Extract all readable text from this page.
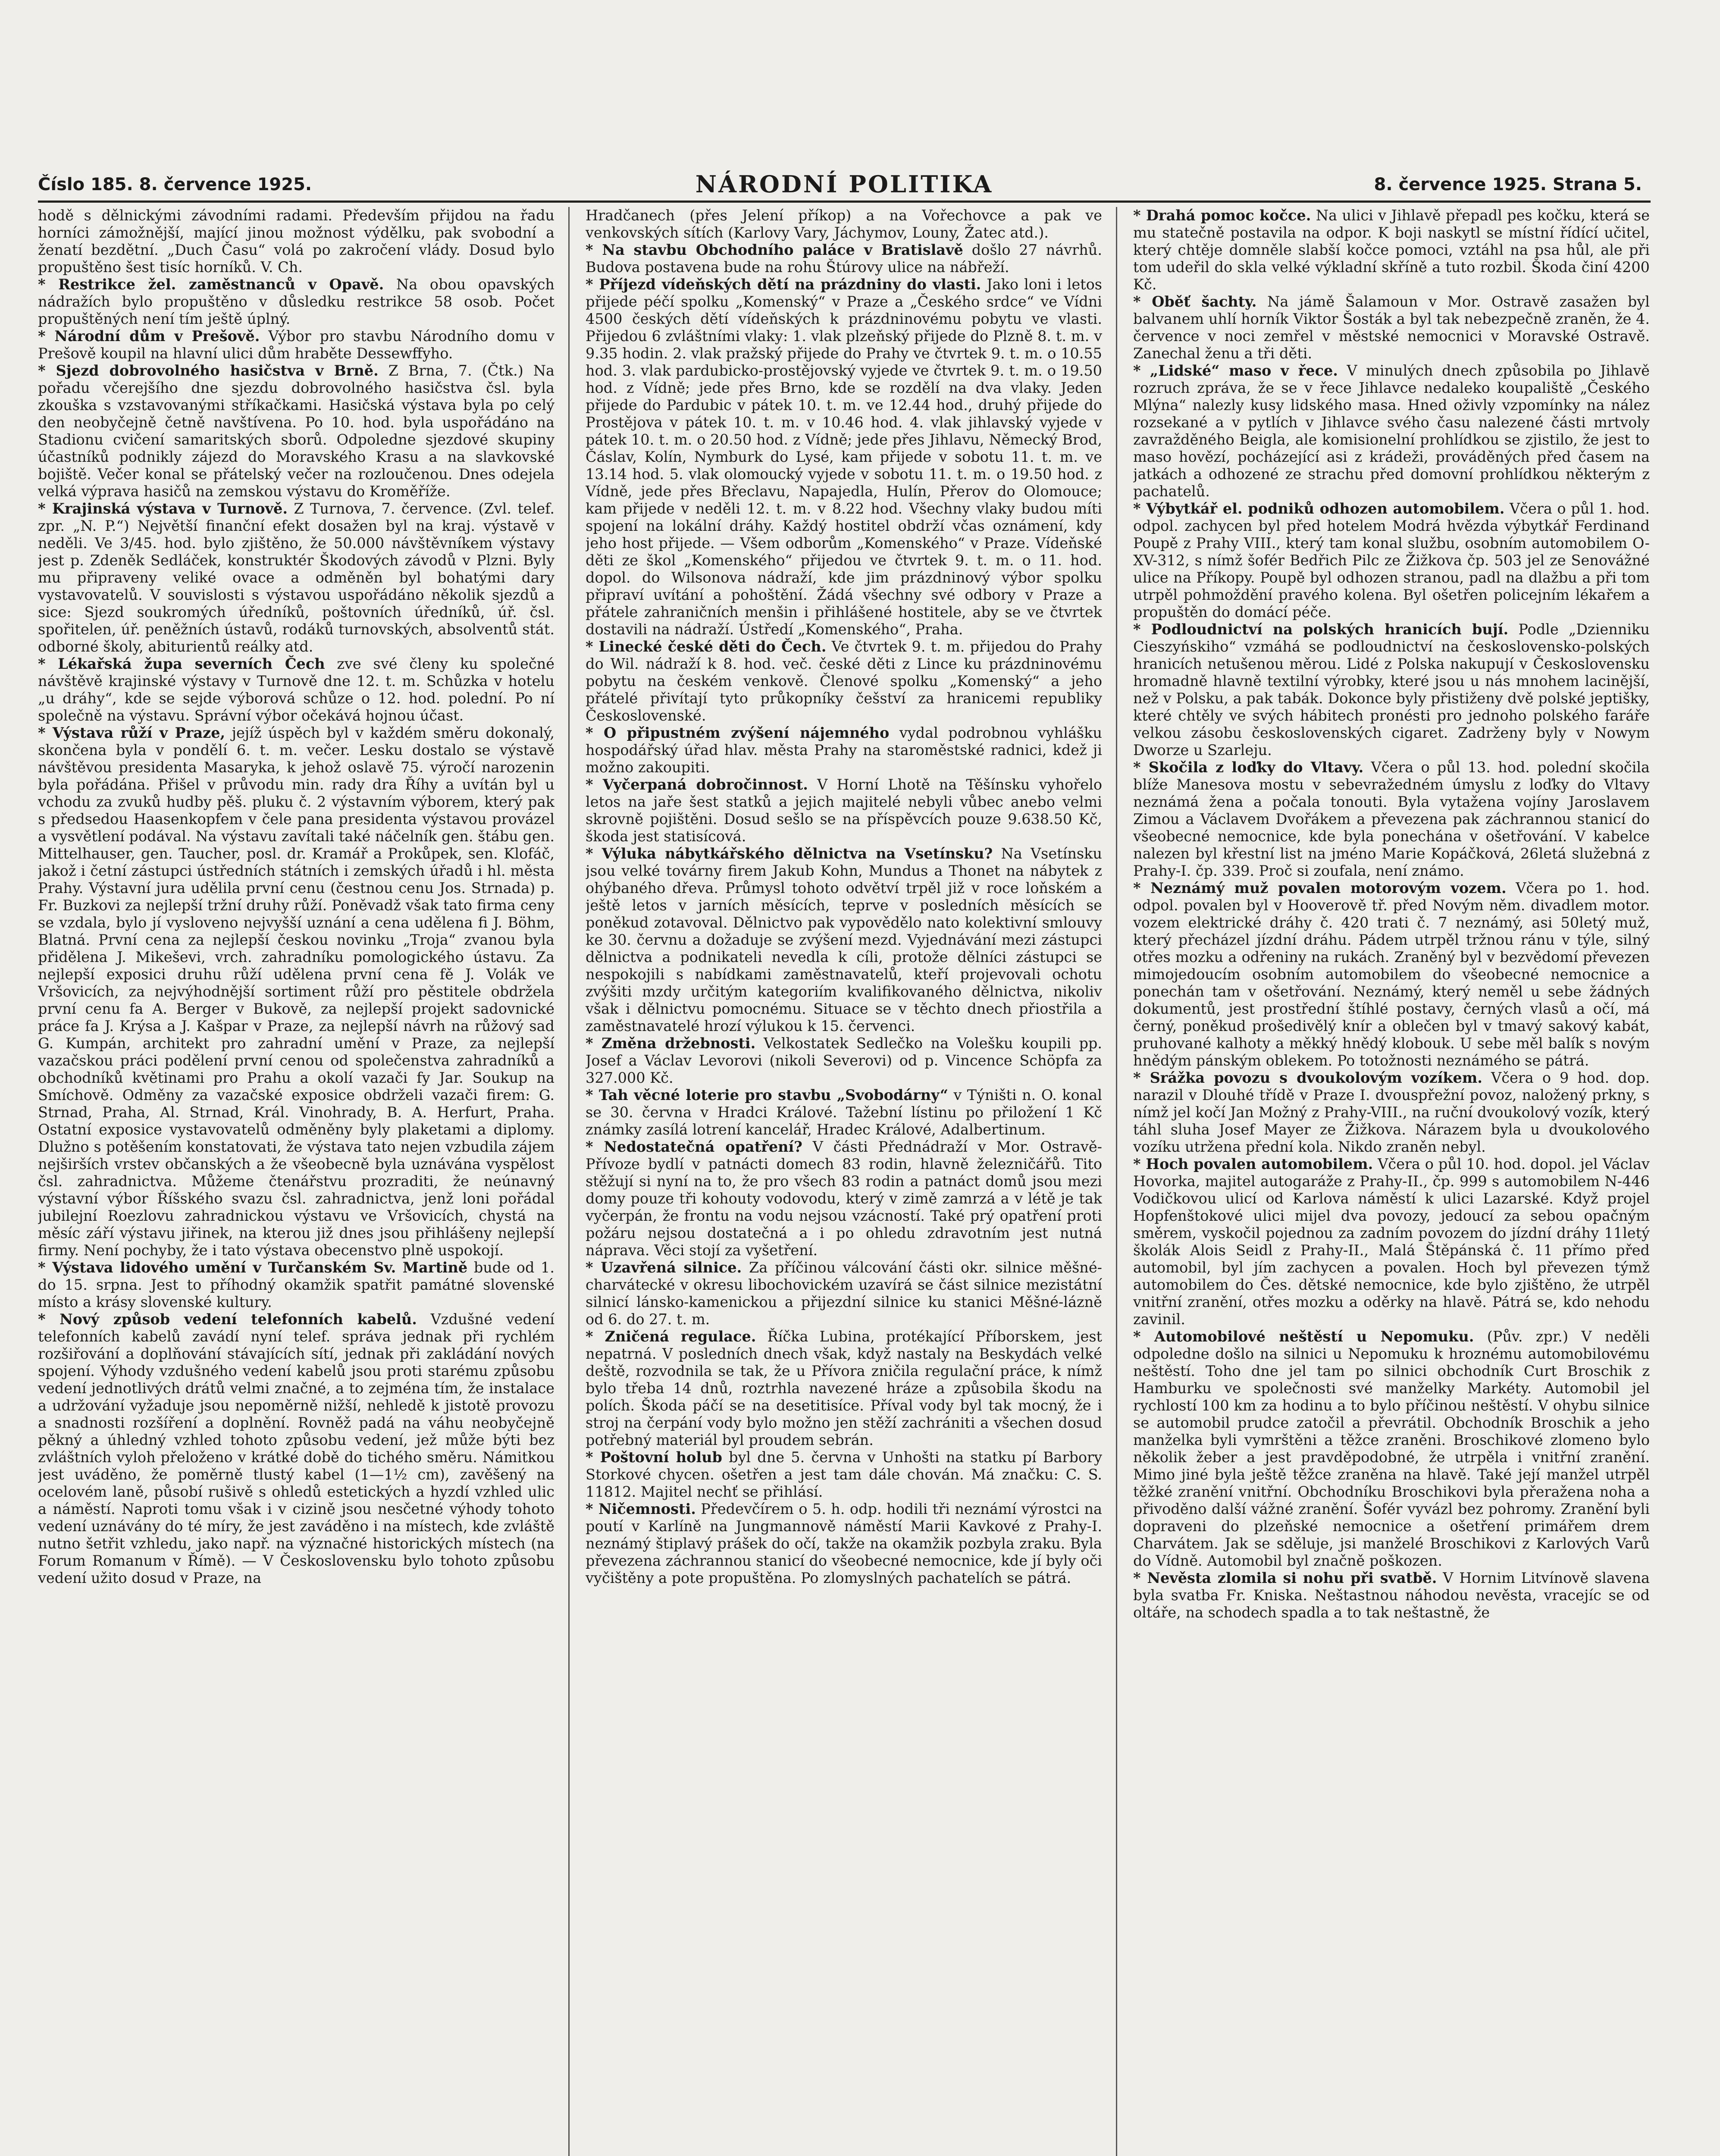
Číslo 185. 8. července 1925.	NÁRODNÍ POLITIKA	8. července 1925. Strana 5.

hodě s dělnickými závodními radami. Především přijdou na řadu horníci zámožnější, mající jinou možnost výdělku, pak svobodní a ženatí bezdětní. „Duch Času“ volá po zakročení vlády. Dosud bylo propuštěno šest tisíc horníků. V. Ch.

* Restrikce žel. zaměstnanců v Opavě. Na obou opavských nádražích bylo propuštěno v důsledku restrikce 58 osob. Počet propuštěných není tím ještě úplný.

* Národní dům v Prešově. Výbor pro stavbu Národního domu v Prešově koupil na hlavní ulici dům hraběte Dessewffyho.

* Sjezd dobrovolného hasičstva v Brně. Z Brna, 7. (Čtk.) Na pořadu včerejšího dne sjezdu dobrovolného hasičstva čsl. byla zkouška s vzstavovanými stříkačkami. Hasičská výstava byla po celý den neobyčejně četně navštívena. Po 10. hod. byla uspořádáno na Stadionu cvičení samaritských sborů. Odpoledne sjezdové skupiny účastníků podnikly zájezd do Moravského Krasu a na slavkovské bojiště. Večer konal se přátelský večer na rozloučenou. Dnes odejela velká výprava hasičů na zemskou výstavu do Kroměříže.

* Krajinská výstava v Turnově. Z Turnova, 7. července. (Zvl. telef. zpr. „N. P.“) Největší finanční efekt dosažen byl na kraj. výstavě v neděli. Ve 3/45. hod. bylo zjištěno, že 50.000 návštěvníkem výstavy jest p. Zdeněk Sedláček, konstruktér Škodových závodů v Plzni. Byly mu připraveny veliké ovace a odměněn byl bohatými dary vystavovatelů. V souvislosti s výstavou uspořádáno několik sjezdů a sice: Sjezd soukromých úředníků, poštovních úředníků, úř. čsl. spořitelen, úř. peněžních ústavů, rodáků turnovských, absolventů stát. odborné školy, abiturientů reálky atd.

* Lékařská župa severních Čech zve své členy ku společné návštěvě krajinské výstavy v Turnově dne 12. t. m. Schůzka v hotelu „u dráhy“, kde se sejde výborová schůze o 12. hod. polední. Po ní společně na výstavu. Správní výbor očekává hojnou účast.

* Výstava růží v Praze, jejíž úspěch byl v každém směru dokonalý, skončena byla v pondělí 6. t. m. večer. Lesku dostalo se výstavě návštěvou presidenta Masaryka, k jehož oslavě 75. výročí narozenin byla pořádána. Přišel v průvodu min. rady dra Říhy a uvítán byl u vchodu za zvuků hudby pěš. pluku č. 2 výstavním výborem, který pak s předsedou Haasenkopfem v čele pana presidenta výstavou provázel a vysvětlení podával. Na výstavu zavítali také náčelník gen. štábu gen. Mittelhauser, gen. Taucher, posl. dr. Kramář a Prokůpek, sen. Klofáč, jakož i četní zástupci ústředních státních i zemských úřadů i hl. města Prahy. Výstavní jura udělila první cenu (čestnou cenu Jos. Strnada) p. Fr. Buzkovi za nejlepší tržní druhy růží. Poněvadž však tato firma ceny se vzdala, bylo jí vysloveno nejvyšší uznání a cena udělena fi J. Böhm, Blatná. První cena za nejlepší českou novinku „Troja“ zvanou byla přidělena J. Mikeševi, vrch. zahradníku pomologického ústavu. Za nejlepší exposici druhu růží udělena první cena fě J. Volák ve Vršovicích, za nejvýhodnější sortiment růží pro pěstitele obdržela první cenu fa A. Berger v Bukově, za nejlepší projekt sadovnické práce fa J. Krýsa a J. Kašpar v Praze, za nejlepší návrh na růžový sad G. Kumpán, architekt pro zahradní umění v Praze, za nejlepší vazačskou práci podělení první cenou od společenstva zahradníků a obchodníků květinami pro Prahu a okolí vazači fy Jar. Soukup na Smíchově. Odměny za vazačské exposice obdrželi vazači firem: G. Strnad, Praha, Al. Strnad, Král. Vinohrady, B. A. Herfurt, Praha. Ostatní exposice vystavovatelů odměněny byly plaketami a diplomy. Dlužno s potěšením konstatovati, že výstava tato nejen vzbudila zájem nejširších vrstev občanských a že všeobecně byla uznávána vyspělost čsl. zahradnictva. Můžeme čtenářstvu prozraditi, že neúnavný výstavní výbor Říšského svazu čsl. zahradnictva, jenž loni pořádal jubilejní Roezlovu zahradnickou výstavu ve Vršovicích, chystá na měsíc září výstavu jiřinek, na kterou již dnes jsou přihlášeny nejlepší firmy. Není pochyby, že i tato výstava obecenstvo plně uspokojí.

* Výstava lidového umění v Turčanském Sv. Martině bude od 1. do 15. srpna. Jest to příhodný okamžik spatřit památné slovenské místo a krásy slovenské kultury.

* Nový způsob vedení telefonních kabelů. Vzdušné vedení telefonních kabelů zavádí nyní telef. správa jednak při rychlém rozšiřování a doplňování stávajících sítí, jednak při zakládání nových spojení. Výhody vzdušného vedení kabelů jsou proti starému způsobu vedení jednotlivých drátů velmi značné, a to zejména tím, že instalace a udržování vyžaduje jsou nepoměrně nižší, nehledě k jistotě provozu a snadnosti rozšíření a doplnění. Rovněž padá na váhu neobyčejně pěkný a úhledný vzhled tohoto způsobu vedení, jež může býti bez zvláštních vyloh přeloženo v krátké době do tichého směru. Námitkou jest uváděno, že poměrně tlustý kabel (1—1½ cm), zavěšený na ocelovém laně, působí rušivě s ohledů estetických a hyzdí vzhled ulic a náměstí. Naproti tomu však i v cizině jsou nesčetné výhody tohoto vedení uznávány do té míry, že jest zaváděno i na místech, kde zvláště nutno šetřit vzhledu, jako např. na význačné historických místech (na Forum Romanum v Římě). — V Československu bylo tohoto způsobu vedení užito dosud v Praze, na

Hradčanech (přes Jelení příkop) a na Vořechovce a pak ve venkovských sítích (Karlovy Vary, Jáchymov, Louny, Žatec atd.).

* Na stavbu Obchodního paláce v Bratislavě došlo 27 návrhů. Budova postavena bude na rohu Štúrovy ulice na nábřeží.

* Příjezd vídeňských dětí na prázdniny do vlasti. Jako loni i letos přijede péčí spolku „Komenský“ v Praze a „Českého srdce“ ve Vídni 4500 českých dětí vídeňských k prázdninovému pobytu ve vlasti. Přijedou 6 zvláštními vlaky: 1. vlak plzeňský přijede do Plzně 8. t. m. v 9.35 hodin. 2. vlak pražský přijede do Prahy ve čtvrtek 9. t. m. o 10.55 hod. 3. vlak pardubicko-prostějovský vyjede ve čtvrtek 9. t. m. o 19.50 hod. z Vídně; jede přes Brno, kde se rozdělí na dva vlaky. Jeden přijede do Pardubic v pátek 10. t. m. ve 12.44 hod., druhý přijede do Prostějova v pátek 10. t. m. v 10.46 hod. 4. vlak jihlavský vyjede v pátek 10. t. m. o 20.50 hod. z Vídně; jede přes Jihlavu, Německý Brod, Čáslav, Kolín, Nymburk do Lysé, kam přijede v sobotu 11. t. m. ve 13.14 hod. 5. vlak olomoucký vyjede v sobotu 11. t. m. o 19.50 hod. z Vídně, jede přes Břeclavu, Napajedla, Hulín, Přerov do Olomouce; kam přijede v neděli 12. t. m. v 8.22 hod. Všechny vlaky budou míti spojení na lokální dráhy. Každý hostitel obdrží včas oznámení, kdy jeho host přijede. — Všem odborům „Komenského“ v Praze. Vídeňské děti ze škol „Komenského“ přijedou ve čtvrtek 9. t. m. o 11. hod. dopol. do Wilsonova nádraží, kde jim prázdninový výbor spolku připraví uvítání a pohoštění. Žádá všechny své odbory v Praze a přátele zahraničních menšin i přihlášené hostitele, aby se ve čtvrtek dostavili na nádraží. Ústředí „Komenského“, Praha.

* Linecké české děti do Čech. Ve čtvrtek 9. t. m. přijedou do Prahy do Wil. nádraží k 8. hod. več. české děti z Lince ku prázdninovému pobytu na českém venkově. Členové spolku „Komenský“ a jeho přátelé přivítají tyto průkopníky češství za hranicemi republiky Československé.

* O připustném zvýšení nájemného vydal podrobnou vyhlášku hospodářský úřad hlav. města Prahy na staroměstské radnici, kdež ji možno zakoupiti.

* Vyčerpaná dobročinnost. V Horní Lhotě na Těšínsku vyhořelo letos na jaře šest statků a jejich majitelé nebyli vůbec anebo velmi skrovně pojištěni. Dosud sešlo se na příspěvcích pouze 9.638.50 Kč, škoda jest statisícová.

* Výluka nábytkářského dělnictva na Vsetínsku? Na Vsetínsku jsou velké továrny firem Jakub Kohn, Mundus a Thonet na nábytek z ohýbaného dřeva. Průmysl tohoto odvětví trpěl již v roce loňském a ještě letos v jarních měsících, teprve v posledních měsících se poněkud zotavoval. Dělnictvo pak vypovědělo nato kolektivní smlouvy ke 30. červnu a dožaduje se zvýšení mezd. Vyjednávání mezi zástupci dělnictva a podnikateli nevedla k cíli, protože dělníci zástupci se nespokojili s nabídkami zaměstnavatelů, kteří projevovali ochotu zvýšiti mzdy určitým kategoriím kvalifikovaného dělnictva, nikoliv však i dělnictvu pomocnému. Situace se v těchto dnech přiostřila a zaměstnavatelé hrozí výlukou k 15. červenci.

* Změna držebnosti. Velkostatek Sedlečko na Volešku koupili pp. Josef a Václav Levorovi (nikoli Severovi) od p. Vincence Schöpfa za 327.000 Kč.

* Tah věcné loterie pro stavbu „Svobodárny“ v Týništi n. O. konal se 30. června v Hradci Králové. Tažební lístinu po přiložení 1 Kč známky zasílá lotrení kancelář, Hradec Králové, Adalbertinum.

* Nedostatečná opatření? V části Přednádraží v Mor. Ostravě-Přívoze bydlí v patnácti domech 83 rodin, hlavně železničářů. Tito stěžují si nyní na to, že pro všech 83 rodin a patnáct domů jsou mezi domy pouze tři kohouty vodovodu, který v zimě zamrzá a v létě je tak vyčerpán, že frontu na vodu nejsou vzácností. Také prý opatření proti požáru nejsou dostatečná a i po ohledu zdravotním jest nutná náprava. Věci stojí za vyšetření.

* Uzavřená silnice. Za příčinou válcování části okr. silnice měšné-charvátecké v okresu libochovickém uzavírá se část silnice mezistátní silnicí lánsko-kamenickou a přijezdní silnice ku stanici Měšné-lázně od 6. do 27. t. m.

* Zničená regulace. Říčka Lubina, protékající Příborskem, jest nepatrná. V posledních dnech však, když nastaly na Beskydách velké deště, rozvodnila se tak, že u Přívora zničila regulační práce, k nímž bylo třeba 14 dnů, roztrhla navezené hráze a způsobila škodu na polích. Škoda páčí se na desetitisíce. Příval vody byl tak mocný, že i stroj na čerpání vody bylo možno jen stěží zachrániti a všechen dosud potřebný materiál byl proudem sebrán.

* Poštovní holub byl dne 5. června v Unhošti na statku pí Barbory Storkové chycen. ošetřen a jest tam dále chován. Má značku: C. S. 11812. Majitel nechť se přihlásí.

* Ničemnosti. Předevčírem o 5. h. odp. hodili tři neznámí výrostci na poutí v Karlíně na Jungmannově náměstí Marii Kavkové z Prahy-I. neznámý štiplavý prášek do očí, takže na okamžik pozbyla zraku. Byla převezena záchrannou stanicí do všeobecné nemocnice, kde jí byly oči vyčištěny a pote propuštěna. Po zlomyslných pachatelích se pátrá.

* Drahá pomoc kočce. Na ulici v Jihlavě přepadl pes kočku, která se mu statečně postavila na odpor. K boji naskytl se místní řídící učitel, který chtěje domněle slabší kočce pomoci, vztáhl na psa hůl, ale při tom udeřil do skla velké výkladní skříně a tuto rozbil. Škoda činí 4200 Kč.

* Oběť šachty. Na jámě Šalamoun v Mor. Ostravě zasažen byl balvanem uhlí horník Viktor Šosták a byl tak nebezpečně zraněn, že 4. července v noci zemřel v městské nemocnici v Moravské Ostravě. Zanechal ženu a tři děti.

* „Lidské“ maso v řece. V minulých dnech způsobila po Jihlavě rozruch zpráva, že se v řece Jihlavce nedaleko koupaliště „Českého Mlýna“ nalezly kusy lidského masa. Hned oživly vzpomínky na nález rozsekané a v pytlích v Jihlavce svého času nalezené části mrtvoly zavražděného Beigla, ale komisionelní prohlídkou se zjistilo, že jest to maso hovězí, pocházející asi z krádeži, prováděných před časem na jatkách a odhozené ze strachu před domovní prohlídkou některým z pachatelů.

* Výbytkář el. podniků odhozen automobilem. Včera o půl 1. hod. odpol. zachycen byl před hotelem Modrá hvězda výbytkář Ferdinand Poupě z Prahy VIII., který tam konal službu, osobním automobilem O-XV-312, s nímž šofér Bedřich Pilc ze Žižkova čp. 503 jel ze Senovážné ulice na Příkopy. Poupě byl odhozen stranou, padl na dlažbu a při tom utrpěl pohmoždění pravého kolena. Byl ošetřen policejním lékařem a propuštěn do domácí péče.

* Podloudnictví na polských hranicích bují. Podle „Dzienniku Cieszyńskiho“ vzmáhá se podloudnictví na československo-polských hranicích netušenou měrou. Lidé z Polska nakupují v Československu hromadně hlavně textilní výrobky, které jsou u nás mnohem lacinější, než v Polsku, a pak tabák. Dokonce byly přistiženy dvě polské jeptišky, které chtěly ve svých hábitech pronésti pro jednoho polského faráře velkou zásobu československých cigaret. Zadrženy byly v Nowym Dworze u Szarleju.

* Skočila z loďky do Vltavy. Včera o půl 13. hod. polední skočila blíže Manesova mostu v sebevražedném úmyslu z loďky do Vltavy neznámá žena a počala tonouti. Byla vytažena vojíny Jaroslavem Zimou a Václavem Dvořákem a převezena pak záchrannou stanicí do všeobecné nemocnice, kde byla ponechána v ošetřování. V kabelce nalezen byl křestní list na jméno Marie Kopáčková, 26letá služebná z Prahy-I. čp. 339. Proč si zoufala, není známo.

* Neznámý muž povalen motorovým vozem. Včera po 1. hod. odpol. povalen byl v Hooverově tř. před Novým něm. divadlem motor. vozem elektrické dráhy č. 420 trati č. 7 neznámý, asi 50letý muž, který přecházel jízdní dráhu. Pádem utrpěl tržnou ránu v týle, silný otřes mozku a odřeniny na rukách. Zraněný byl v bezvědomí převezen mimojedoucím osobním automobilem do všeobecné nemocnice a ponechán tam v ošetřování. Neznámý, který neměl u sebe žádných dokumentů, jest prostřední štíhlé postavy, černých vlasů a očí, má černý, poněkud prošedivělý knír a oblečen byl v tmavý sakový kabát, pruhované kalhoty a měkký hnědý klobouk. U sebe měl balík s novým hnědým pánským oblekem. Po totožnosti neznámého se pátrá.

* Srážka povozu s dvoukolovým vozíkem. Včera o 9 hod. dop. narazil v Dlouhé třídě v Praze I. dvouspřežní povoz, naložený prkny, s nímž jel kočí Jan Možný z Prahy-VIII., na ruční dvoukolový vozík, který táhl sluha Josef Mayer ze Žižkova. Nárazem byla u dvoukolového vozíku utržena přední kola. Nikdo zraněn nebyl.

* Hoch povalen automobilem. Včera o půl 10. hod. dopol. jel Václav Hovorka, majitel autogaráže z Prahy-II., čp. 999 s automobilem N-446 Vodičkovou ulicí od Karlova náměstí k ulici Lazarské. Když projel Hopfenštokové ulici mijel dva povozy, jedoucí za sebou opačným směrem, vyskočil pojednou za zadním povozem do jízdní dráhy 11letý školák Alois Seidl z Prahy-II., Malá Štěpánská č. 11 přímo před automobil, byl jím zachycen a povalen. Hoch byl převezen týmž automobilem do Čes. dětské nemocnice, kde bylo zjištěno, že utrpěl vnitřní zranění, otřes mozku a oděrky na hlavě. Pátrá se, kdo nehodu zavinil.

* Automobilové neštěstí u Nepomuku. (Pův. zpr.) V neděli odpoledne došlo na silnici u Nepomuku k hroznému automobilovému neštěstí. Toho dne jel tam po silnici obchodník Curt Broschik z Hamburku ve společnosti své manželky Markéty. Automobil jel rychlostí 100 km za hodinu a to bylo příčinou neštěstí. V ohybu silnice se automobil prudce zatočil a převrátil. Obchodník Broschik a jeho manželka byli vymrštěni a těžce zraněni. Broschikové zlomeno bylo několik žeber a jest pravděpodobné, že utrpěla i vnitřní zranění. Mimo jiné byla ještě těžce zraněna na hlavě. Také její manžel utrpěl těžké zranění vnitřní. Obchodníku Broschikovi byla přeražena noha a přivoděno další vážné zranění. Šofér vyvázl bez pohromy. Zranění byli dopraveni do plzeňské nemocnice a ošetření primářem drem Charvátem. Jak se sděluje, jsi manželé Broschikovi z Karlových Varů do Vídně. Automobil byl značně poškozen.

* Nevěsta zlomila si nohu při svatbě. V Hornim Litvínově slavena byla svatba Fr. Kniska. Neštastnou náhodou nevěsta, vracejíc se od oltáře, na schodech spadla a to tak neštastně, že
